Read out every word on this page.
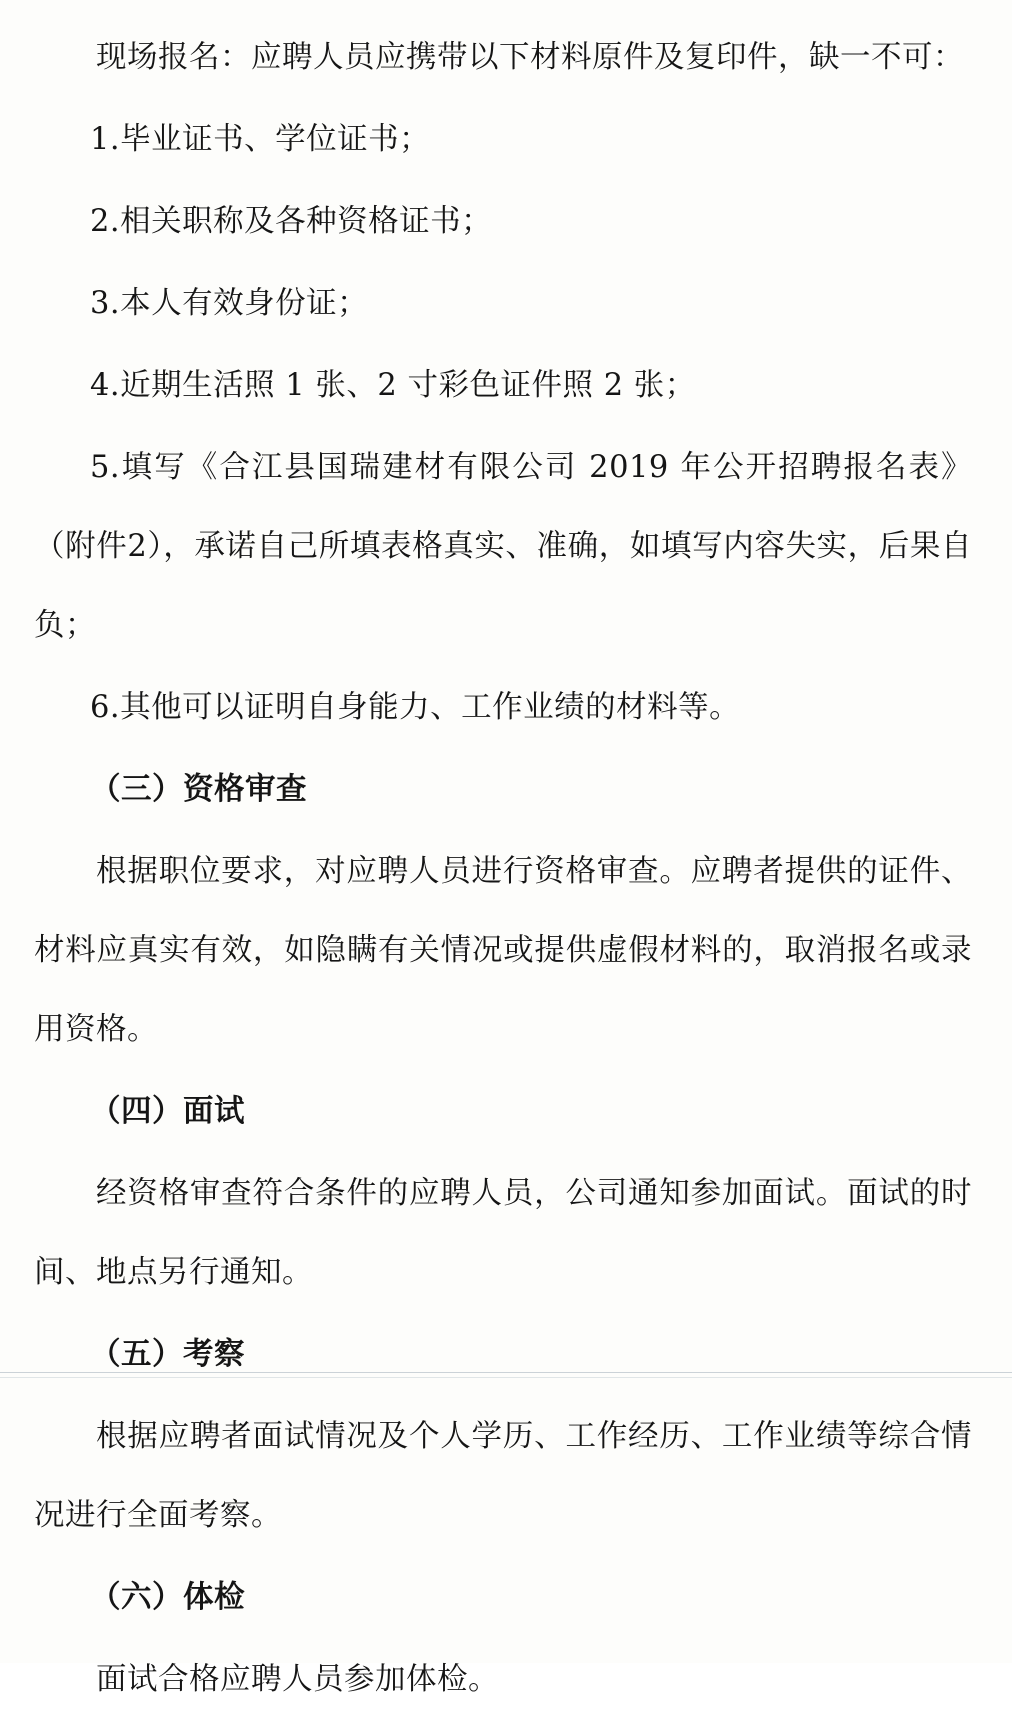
现场报名：应聘人员应携带以下材料原件及复印件，缺一不可：

1.毕业证书、学位证书；

2.相关职称及各种资格证书；

3.本人有效身份证；

4.近期生活照 1 张、2 寸彩色证件照 2 张；

5.填写《合江县国瑞建材有限公司 2019 年公开招聘报名表》（附件2），承诺自己所填表格真实、准确，如填写内容失实，后果自负；

6.其他可以证明自身能力、工作业绩的材料等。

（三）资格审查

根据职位要求，对应聘人员进行资格审查。应聘者提供的证件、材料应真实有效，如隐瞒有关情况或提供虚假材料的，取消报名或录用资格。

（四）面试

经资格审查符合条件的应聘人员，公司通知参加面试。面试的时间、地点另行通知。

（五）考察

根据应聘者面试情况及个人学历、工作经历、工作业绩等综合情况进行全面考察。

（六）体检

面试合格应聘人员参加体检。
